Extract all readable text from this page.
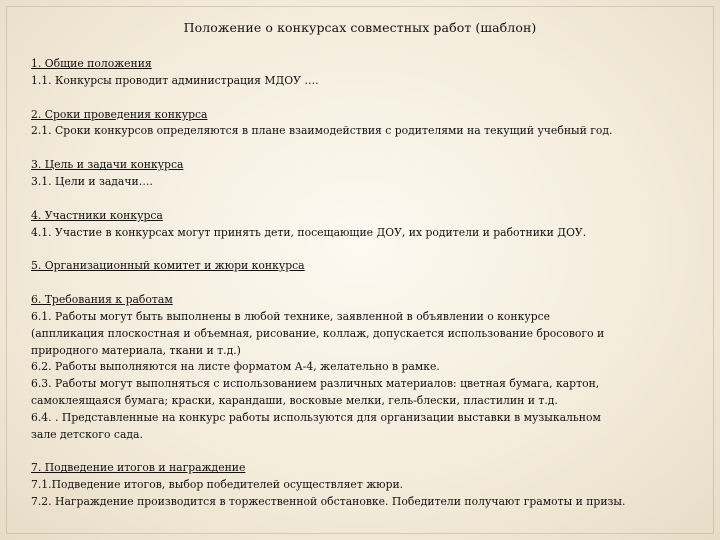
Положение о конкурсах совместных работ (шаблон)
1. Общие положения
1.1. Конкурсы проводит администрация МДОУ ….
2. Сроки проведения конкурса
2.1. Сроки конкурсов определяются в плане взаимодействия с родителями на текущий учебный год.
3. Цель и задачи конкурса
3.1. Цели и задачи….
4. Участники конкурса
4.1. Участие в конкурсах могут принять дети, посещающие ДОУ, их родители и работники ДОУ.
5. Организационный комитет и жюри конкурса
6. Требования к работам
6.1. Работы могут быть выполнены в любой технике, заявленной в объявлении о конкурсе
(аппликация плоскостная и объемная, рисование, коллаж, допускается использование бросового и
природного материала, ткани и т.д.)
6.2. Работы выполняются на листе форматом А-4, желательно в рамке.
6.3. Работы могут выполняться с использованием различных материалов: цветная бумага, картон,
самоклеящаяся бумага; краски, карандаши, восковые мелки, гель-блески, пластилин и т.д.
6.4. . Представленные на конкурс работы используются для организации выставки в музыкальном
зале детского сада.
7. Подведение итогов и награждение
7.1.Подведение итогов, выбор победителей осуществляет жюри.
7.2. Награждение производится в торжественной обстановке. Победители получают грамоты и призы.
